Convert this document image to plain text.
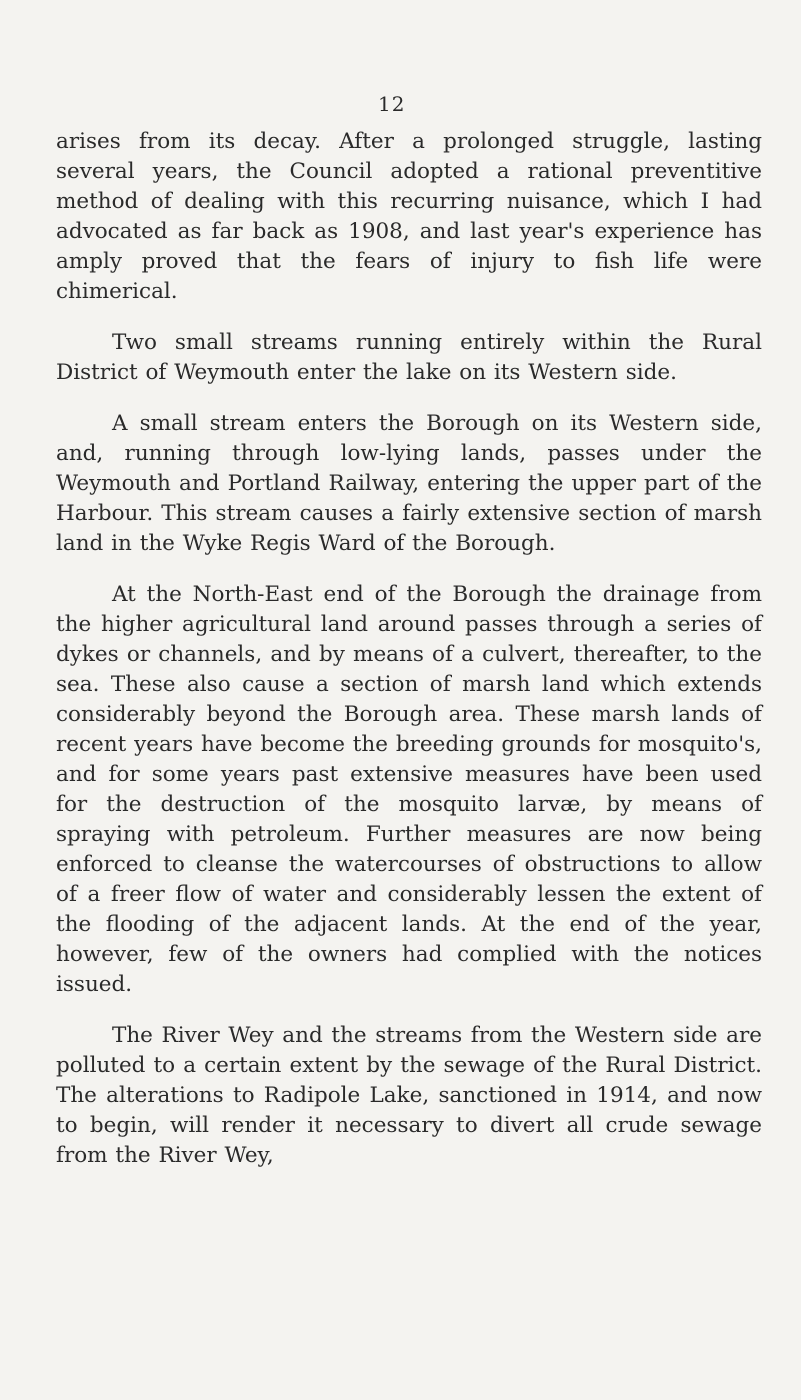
12

arises from its decay. After a prolonged struggle, lasting several years, the Council adopted a rational preventitive method of dealing with this recurring nuisance, which I had advocated as far back as 1908, and last year's experience has amply proved that the fears of injury to fish life were chimerical.

Two small streams running entirely within the Rural District of Weymouth enter the lake on its Western side.

A small stream enters the Borough on its Western side, and, running through low-lying lands, passes under the Weymouth and Portland Railway, entering the upper part of the Harbour. This stream causes a fairly extensive section of marsh land in the Wyke Regis Ward of the Borough.

At the North-East end of the Borough the drainage from the higher agricultural land around passes through a series of dykes or channels, and by means of a culvert, thereafter, to the sea. These also cause a section of marsh land which extends considerably beyond the Borough area. These marsh lands of recent years have become the breeding grounds for mosquito's, and for some years past extensive measures have been used for the destruction of the mosquito larvæ, by means of spraying with petroleum. Further measures are now being enforced to cleanse the watercourses of obstructions to allow of a freer flow of water and considerably lessen the extent of the flooding of the adjacent lands. At the end of the year, however, few of the owners had complied with the notices issued.

The River Wey and the streams from the Western side are polluted to a certain extent by the sewage of the Rural District. The alterations to Radipole Lake, sanctioned in 1914, and now to begin, will render it necessary to divert all crude sewage from the River Wey,
